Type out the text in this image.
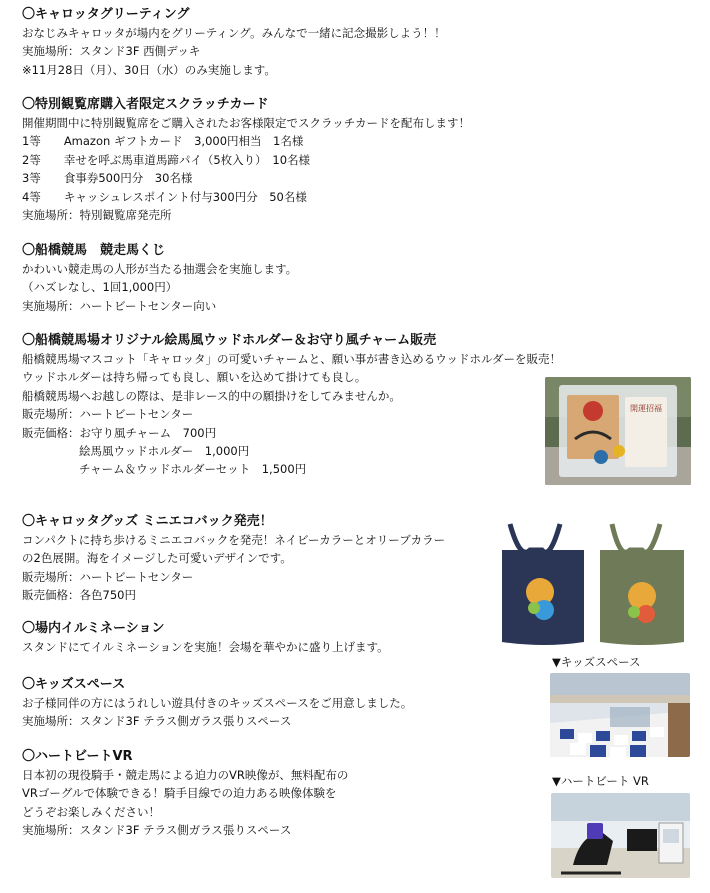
〇キャロッタグリーティング
おなじみキャロッタが場内をグリーティング。みんなで一緒に記念撮影しよう！！
実施場所：スタンド3F 西側デッキ
※11月28日（月）、30日（水）のみ実施します。
〇特別観覧席購入者限定スクラッチカード
開催期間中に特別観覧席をご購入されたお客様限定でスクラッチカードを配布します！
1等　　Amazon ギフトカード　3,000円相当　1名様
2等　　幸せを呼ぶ馬車道馬蹄パイ（5枚入り）　10名様
3等　　食事券500円分　30名様
4等　　キャッシュレスポイント付与300円分　50名様
実施場所：特別観覧席発売所
〇船橋競馬　競走馬くじ
かわいい競走馬の人形が当たる抽選会を実施します。
（ハズレなし、1回1,000円）
実施場所：ハートビートセンター向い
〇船橋競馬場オリジナル絵馬風ウッドホルダー＆お守り風チャーム販売
船橋競馬場マスコット「キャロッタ」の可愛いチャームと、願い事が書き込めるウッドホルダーを販売！
ウッドホルダーは持ち帰っても良し、願いを込めて掛けても良し。
船橋競馬場へお越しの際は、是非レース的中の願掛けをしてみませんか。
販売場所：ハートビートセンター
販売価格：お守り風チャーム　700円
絵馬風ウッドホルダー　1,000円
チャーム＆ウッドホルダーセット　1,500円
〇キャロッタグッズ ミニエコバック発売！
コンパクトに持ち歩けるミニエコバックを発売！ネイビーカラーとオリーブカラー
の2色展開。海をイメージした可愛いデザインです。
販売場所：ハートビートセンター
販売価格：各色750円
〇場内イルミネーション
スタンドにてイルミネーションを実施！会場を華やかに盛り上げます。
〇キッズスペース
お子様同伴の方にはうれしい遊具付きのキッズスペースをご用意しました。
実施場所：スタンド3F テラス側ガラス張りスペース
〇ハートビートVR
日本初の現役騎手・競走馬による迫力のVR映像が、無料配布の
VRゴーグルで体験できる！騎手目線での迫力ある映像体験を
どうぞお楽しみください！
実施場所：スタンド3F テラス側ガラス張りスペース
開運招福
▼キッズスペース
▼ハートビート VR
